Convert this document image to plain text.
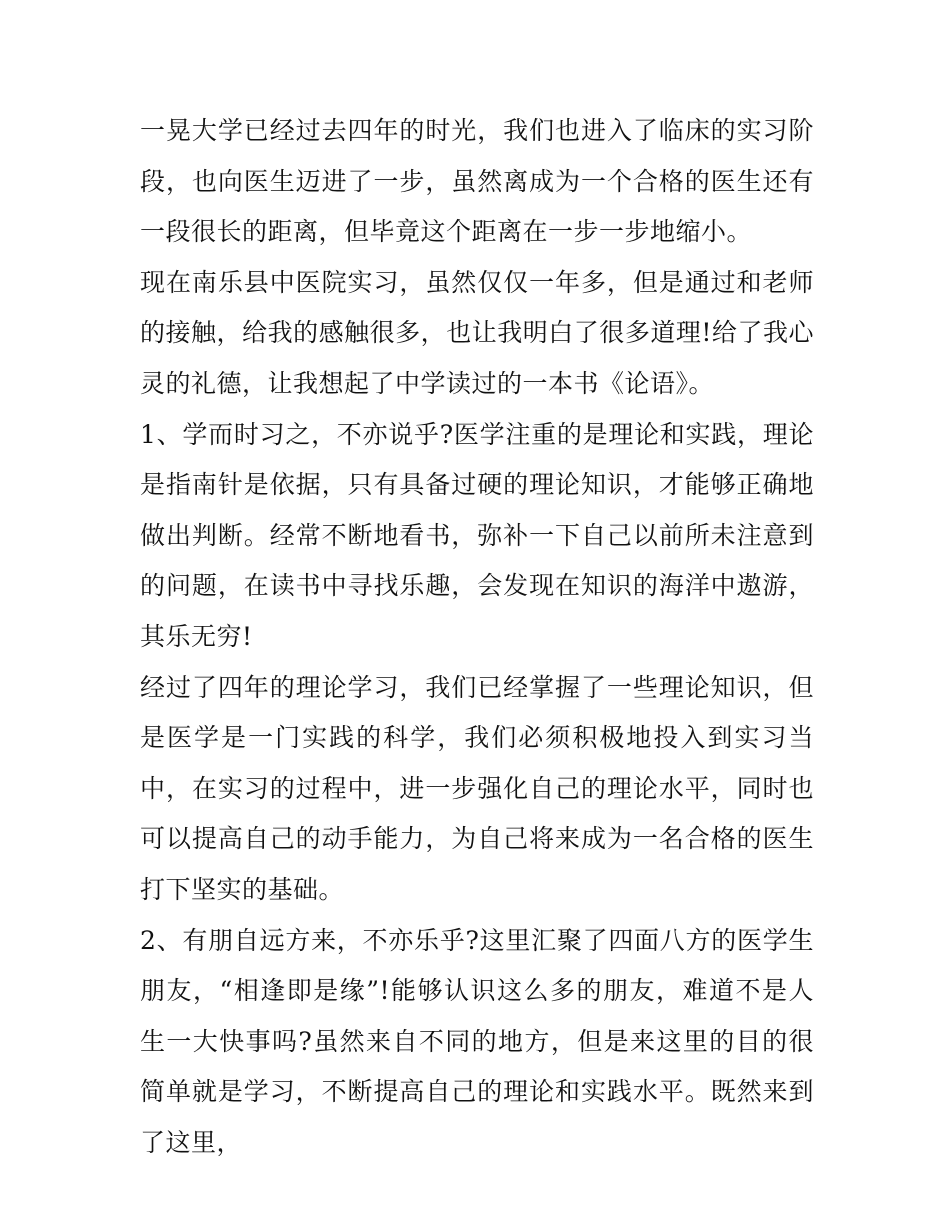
一晃大学已经过去四年的时光，我们也进入了临床的实习阶段，也向医生迈进了一步，虽然离成为一个合格的医生还有一段很长的距离，但毕竟这个距离在一步一步地缩小。

现在南乐县中医院实习，虽然仅仅一年多，但是通过和老师的接触，给我的感触很多，也让我明白了很多道理!给了我心灵的礼德，让我想起了中学读过的一本书《论语》。

1、学而时习之，不亦说乎?医学注重的是理论和实践，理论是指南针是依据，只有具备过硬的理论知识，才能够正确地做出判断。经常不断地看书，弥补一下自己以前所未注意到的问题，在读书中寻找乐趣，会发现在知识的海洋中遨游，其乐无穷!

经过了四年的理论学习，我们已经掌握了一些理论知识，但是医学是一门实践的科学，我们必须积极地投入到实习当中，在实习的过程中，进一步强化自己的理论水平，同时也可以提高自己的动手能力，为自己将来成为一名合格的医生打下坚实的基础。

2、有朋自远方来，不亦乐乎?这里汇聚了四面八方的医学生朋友，“相逢即是缘”!能够认识这么多的朋友，难道不是人生一大快事吗?虽然来自不同的地方，但是来这里的目的很简单就是学习，不断提高自己的理论和实践水平。既然来到了这里，
